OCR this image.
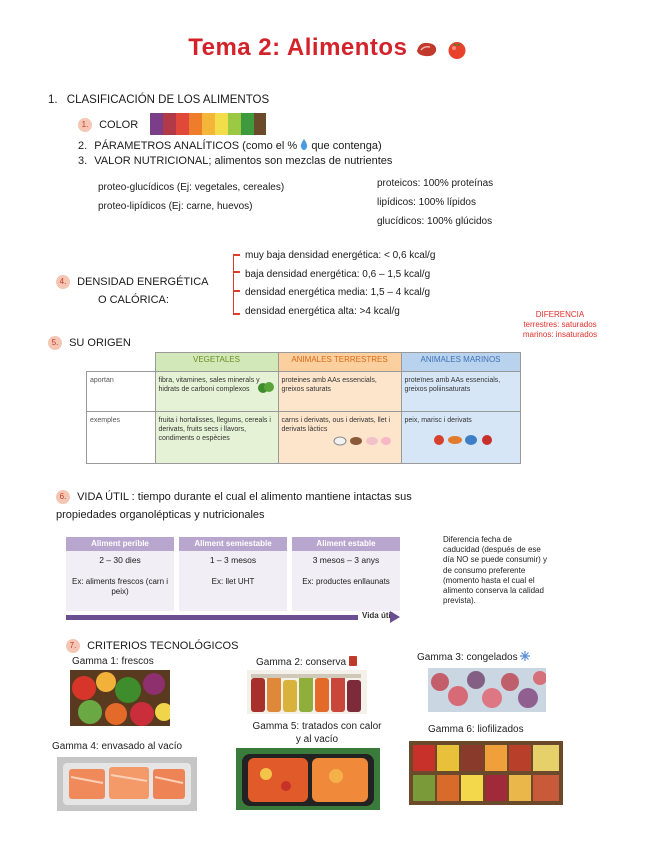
Tema 2: Alimentos
1. CLASIFICACIÓN DE LOS ALIMENTOS
1. COLOR
2. PÁRAMETROS ANALÍTICOS (como el % que contenga)
3. VALOR NUTRICIONAL; alimentos son mezclas de nutrientes
proteo-glucídicos (Ej: vegetales, cereales)
proteo-lipídicos (Ej: carne, huevos)
proteicos: 100% proteínas
lipídicos: 100% lípidos
glucídicos: 100% glúcidos
4. DENSIDAD ENERGÉTICA
O CALÓRICA:
muy baja densidad energética: < 0,6 kcal/g
baja densidad energética: 0,6 – 1,5 kcal/g
densidad energética media: 1,5 – 4 kcal/g
densidad energética alta: >4 kcal/g	DIFERENCIA
terrestres: saturados
marinos: insaturados
5. SU ORIGEN
	VEGETALES	ANIMALES TERRESTRES	ANIMALES MARINOS
aportan	fibra, vitamines, sales minerals y hidrats de carboni complexos	proteines amb AAs essencials, greixos saturats	proteïnes amb AAs essencials, greixos poliinsaturats
exemples	fruita i hortalisses, llegums, cereals i derivats, fruits secs i llavors, condiments o espècies	carns i derivats, ous i derivats, llet i derivats làctics	peix, marisc i derivats
6. VIDA ÚTIL : tiempo durante el cual el alimento mantiene intactas sus
propiedades organolépticas y nutricionales
Aliment perible
2 – 30 dies
Ex: aliments frescos (carn i peix)
Aliment semiestable
1 – 3 mesos
Ex: llet UHT
Aliment estable
3 mesos – 3 anys
Ex: productes enllaunats
Vida útil
Diferencia fecha de
caducidad (después de ese
día NO se puede consumir) y
de consumo preferente
(momento hasta el cual el
alimento conserva la calidad
prevista).
7. CRITERIOS TECNOLÓGICOS
Gamma 1: frescos	Gamma 2: conserva	Gamma 3: congelados
Gamma 4: envasado al vacío
Gamma 5: tratados con calor y al vacío
Gamma 6: liofilizados
